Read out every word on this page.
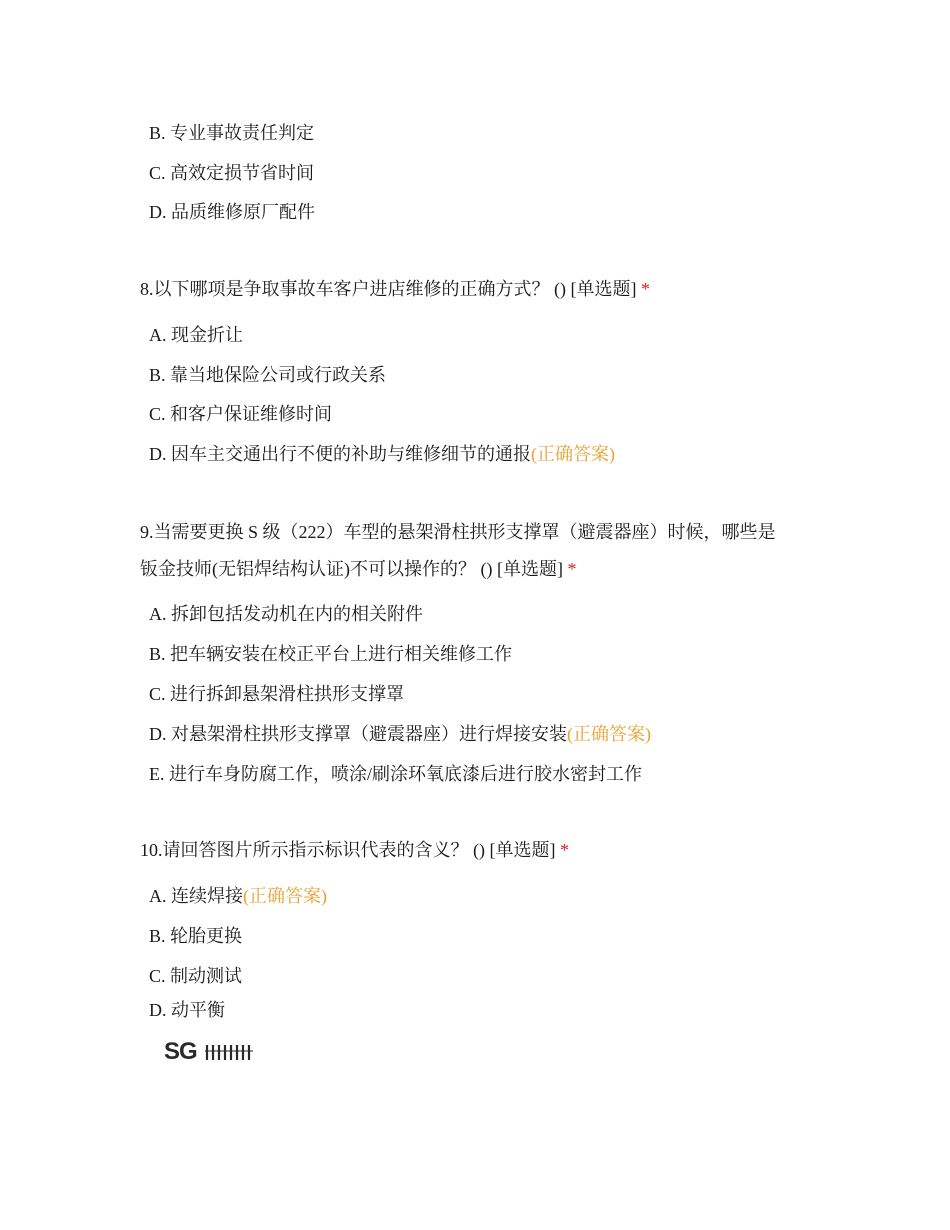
B. 专业事故责任判定
C. 高效定损节省时间
D. 品质维修原厂配件
8.以下哪项是争取事故车客户进店维修的正确方式？ () [单选题] *
A. 现金折让
B. 靠当地保险公司或行政关系
C. 和客户保证维修时间
D. 因车主交通出行不便的补助与维修细节的通报(正确答案)
9.当需要更换 S 级（222）车型的悬架滑柱拱形支撑罩（避震器座）时候，哪些是
钣金技师(无铝焊结构认证)不可以操作的？ () [单选题] *
A. 拆卸包括发动机在内的相关附件
B. 把车辆安装在校正平台上进行相关维修工作
C. 进行拆卸悬架滑柱拱形支撑罩
D. 对悬架滑柱拱形支撑罩（避震器座）进行焊接安装(正确答案)
E. 进行车身防腐工作，喷涂/刷涂环氧底漆后进行胶水密封工作
10.请回答图片所示指示标识代表的含义？ () [单选题] *
A. 连续焊接(正确答案)
B. 轮胎更换
C. 制动测试
D. 动平衡
SG
